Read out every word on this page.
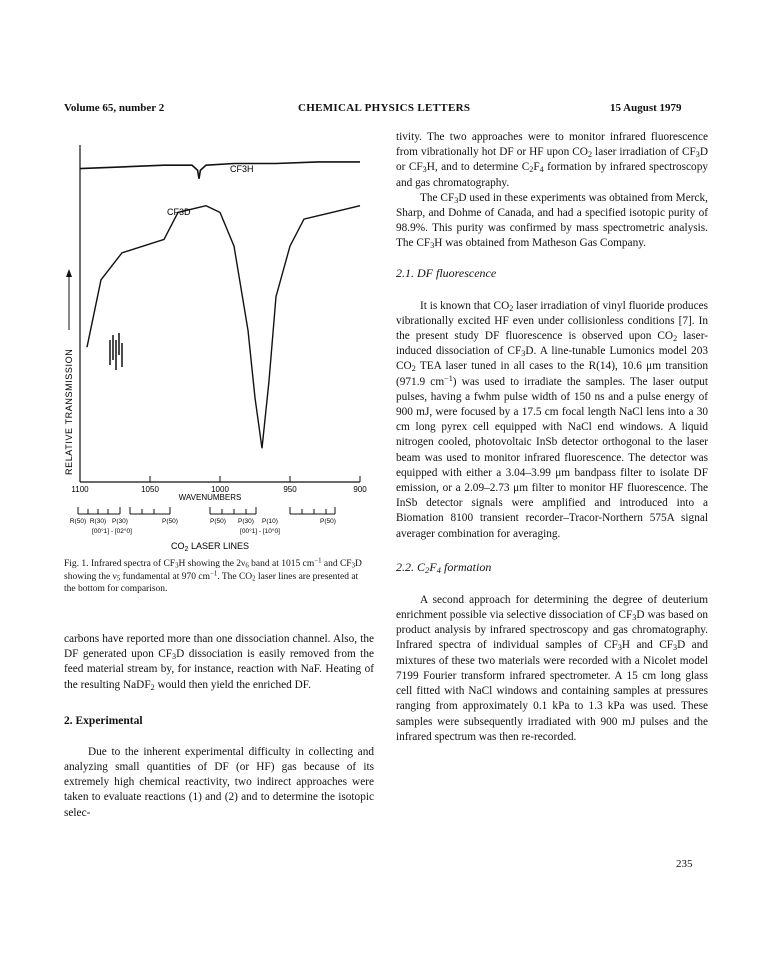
Volume 65, number 2	CHEMICAL PHYSICS LETTERS	15 August 1979
CF3H
CF3D
RELATIVE TRANSMISSION
1100	1050	1000	950	900
WAVENUMBERS
R(50) R(30) P(30)	P(50)	P(50) P(30) P(10)	P(50)
[00°1] - [02°0]	[00°1] - [10°0]
$CO_2$ LASER LINES
Fig. 1. Infrared spectra of $CF_3H$ showing the $2\nu_6$ band at 1015 $cm^{-1}$ and $CF_3D$ showing the $\nu_5$ fundamental at 970 $cm^{-1}$. The $CO_2$ laser lines are presented at the bottom for comparison.

carbons have reported more than one dissociation channel. Also, the DF generated upon $CF_3D$ dissociation is easily removed from the feed material stream by, for instance, reaction with NaF. Heating of the resulting NaDF$_2$ would then yield the enriched DF.

2. Experimental

Due to the inherent experimental difficulty in collecting and analyzing small quantities of DF (or HF) gas because of its extremely high chemical reactivity, two indirect approaches were taken to evaluate reactions (1) and (2) and to determine the isotopic selec-

tivity. The two approaches were to monitor infrared fluorescence from vibrationally hot DF or HF upon $CO_2$ laser irradiation of $CF_3D$ or $CF_3H$, and to determine $C_2F_4$ formation by infrared spectroscopy and gas chromatography.

The $CF_3D$ used in these experiments was obtained from Merck, Sharp, and Dohme of Canada, and had a specified isotopic purity of 98.9%. This purity was confirmed by mass spectrometric analysis. The $CF_3H$ was obtained from Matheson Gas Company.

2.1. DF fluorescence

It is known that $CO_2$ laser irradiation of vinyl fluoride produces vibrationally excited HF even under collisionless conditions [7]. In the present study DF fluorescence is observed upon $CO_2$ laser-induced dissociation of $CF_3D$. A line-tunable Lumonics model 203 $CO_2$ TEA laser tuned in all cases to the R(14), 10.6 μm transition (971.9 $cm^{-1}$) was used to irradiate the samples. The laser output pulses, having a fwhm pulse width of 150 ns and a pulse energy of 900 mJ, were focused by a 17.5 cm focal length NaCl lens into a 30 cm long pyrex cell equipped with NaCl end windows. A liquid nitrogen cooled, photovoltaic InSb detector orthogonal to the laser beam was used to monitor infrared fluorescence. The detector was equipped with either a 3.04–3.99 μm bandpass filter to isolate DF emission, or a 2.09–2.73 μm filter to monitor HF fluorescence. The InSb detector signals were amplified and introduced into a Biomation 8100 transient recorder–Tracor-Northern 575A signal averager combination for averaging.

2.2. $C_2F_4$ formation

A second approach for determining the degree of deuterium enrichment possible via selective dissociation of $CF_3D$ was based on product analysis by infrared spectroscopy and gas chromatography. Infrared spectra of individual samples of $CF_3H$ and $CF_3D$ and mixtures of these two materials were recorded with a Nicolet model 7199 Fourier transform infrared spectrometer. A 15 cm long glass cell fitted with NaCl windows and containing samples at pressures ranging from approximately 0.1 kPa to 1.3 kPa was used. These samples were subsequently irradiated with 900 mJ pulses and the infrared spectrum was then re-recorded.

235
